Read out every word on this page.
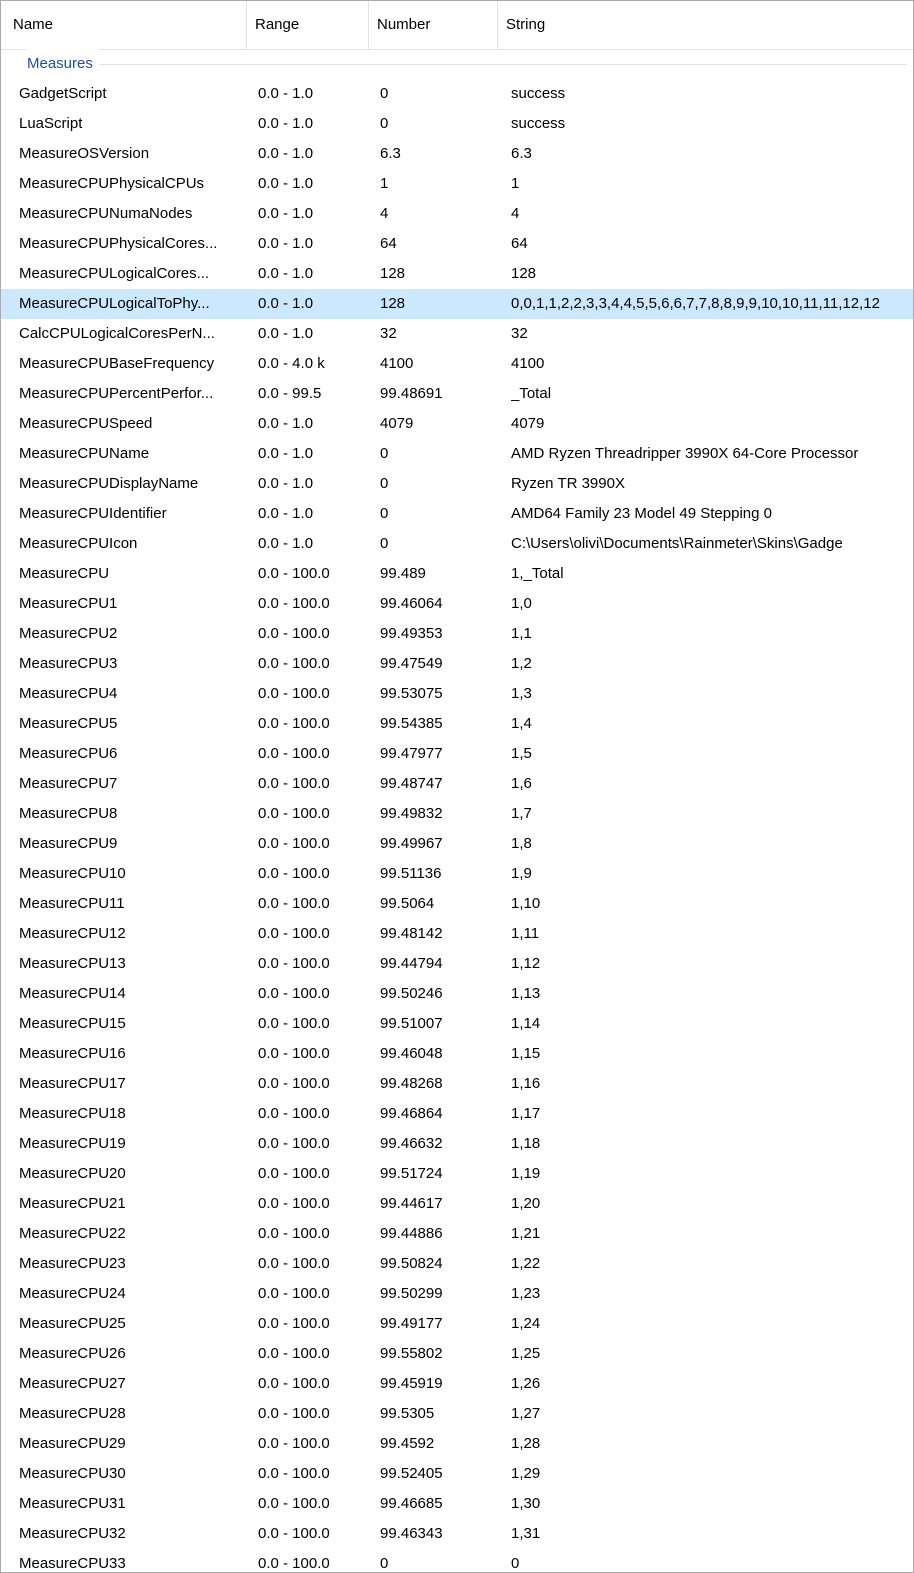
Name	Range	Number	String
Measures
GadgetScript	0.0 - 1.0	0	success
LuaScript	0.0 - 1.0	0	success
MeasureOSVersion	0.0 - 1.0	6.3	6.3
MeasureCPUPhysicalCPUs	0.0 - 1.0	1	1
MeasureCPUNumaNodes	0.0 - 1.0	4	4
MeasureCPUPhysicalCores...	0.0 - 1.0	64	64
MeasureCPULogicalCores...	0.0 - 1.0	128	128
MeasureCPULogicalToPhy...	0.0 - 1.0	128	0,0,1,1,2,2,3,3,4,4,5,5,6,6,7,7,8,8,9,9,10,10,11,11,12,12
CalcCPULogicalCoresPerN...	0.0 - 1.0	32	32
MeasureCPUBaseFrequency	0.0 - 4.0 k	4100	4100
MeasureCPUPercentPerfor...	0.0 - 99.5	99.48691	_Total
MeasureCPUSpeed	0.0 - 1.0	4079	4079
MeasureCPUName	0.0 - 1.0	0	AMD Ryzen Threadripper 3990X 64-Core Processor
MeasureCPUDisplayName	0.0 - 1.0	0	Ryzen TR 3990X
MeasureCPUIdentifier	0.0 - 1.0	0	AMD64 Family 23 Model 49 Stepping 0
MeasureCPUIcon	0.0 - 1.0	0	C:\Users\olivi\Documents\Rainmeter\Skins\Gadge
MeasureCPU	0.0 - 100.0	99.489	1,_Total
MeasureCPU1	0.0 - 100.0	99.46064	1,0
MeasureCPU2	0.0 - 100.0	99.49353	1,1
MeasureCPU3	0.0 - 100.0	99.47549	1,2
MeasureCPU4	0.0 - 100.0	99.53075	1,3
MeasureCPU5	0.0 - 100.0	99.54385	1,4
MeasureCPU6	0.0 - 100.0	99.47977	1,5
MeasureCPU7	0.0 - 100.0	99.48747	1,6
MeasureCPU8	0.0 - 100.0	99.49832	1,7
MeasureCPU9	0.0 - 100.0	99.49967	1,8
MeasureCPU10	0.0 - 100.0	99.51136	1,9
MeasureCPU11	0.0 - 100.0	99.5064	1,10
MeasureCPU12	0.0 - 100.0	99.48142	1,11
MeasureCPU13	0.0 - 100.0	99.44794	1,12
MeasureCPU14	0.0 - 100.0	99.50246	1,13
MeasureCPU15	0.0 - 100.0	99.51007	1,14
MeasureCPU16	0.0 - 100.0	99.46048	1,15
MeasureCPU17	0.0 - 100.0	99.48268	1,16
MeasureCPU18	0.0 - 100.0	99.46864	1,17
MeasureCPU19	0.0 - 100.0	99.46632	1,18
MeasureCPU20	0.0 - 100.0	99.51724	1,19
MeasureCPU21	0.0 - 100.0	99.44617	1,20
MeasureCPU22	0.0 - 100.0	99.44886	1,21
MeasureCPU23	0.0 - 100.0	99.50824	1,22
MeasureCPU24	0.0 - 100.0	99.50299	1,23
MeasureCPU25	0.0 - 100.0	99.49177	1,24
MeasureCPU26	0.0 - 100.0	99.55802	1,25
MeasureCPU27	0.0 - 100.0	99.45919	1,26
MeasureCPU28	0.0 - 100.0	99.5305	1,27
MeasureCPU29	0.0 - 100.0	99.4592	1,28
MeasureCPU30	0.0 - 100.0	99.52405	1,29
MeasureCPU31	0.0 - 100.0	99.46685	1,30
MeasureCPU32	0.0 - 100.0	99.46343	1,31
MeasureCPU33	0.0 - 100.0	0	0
